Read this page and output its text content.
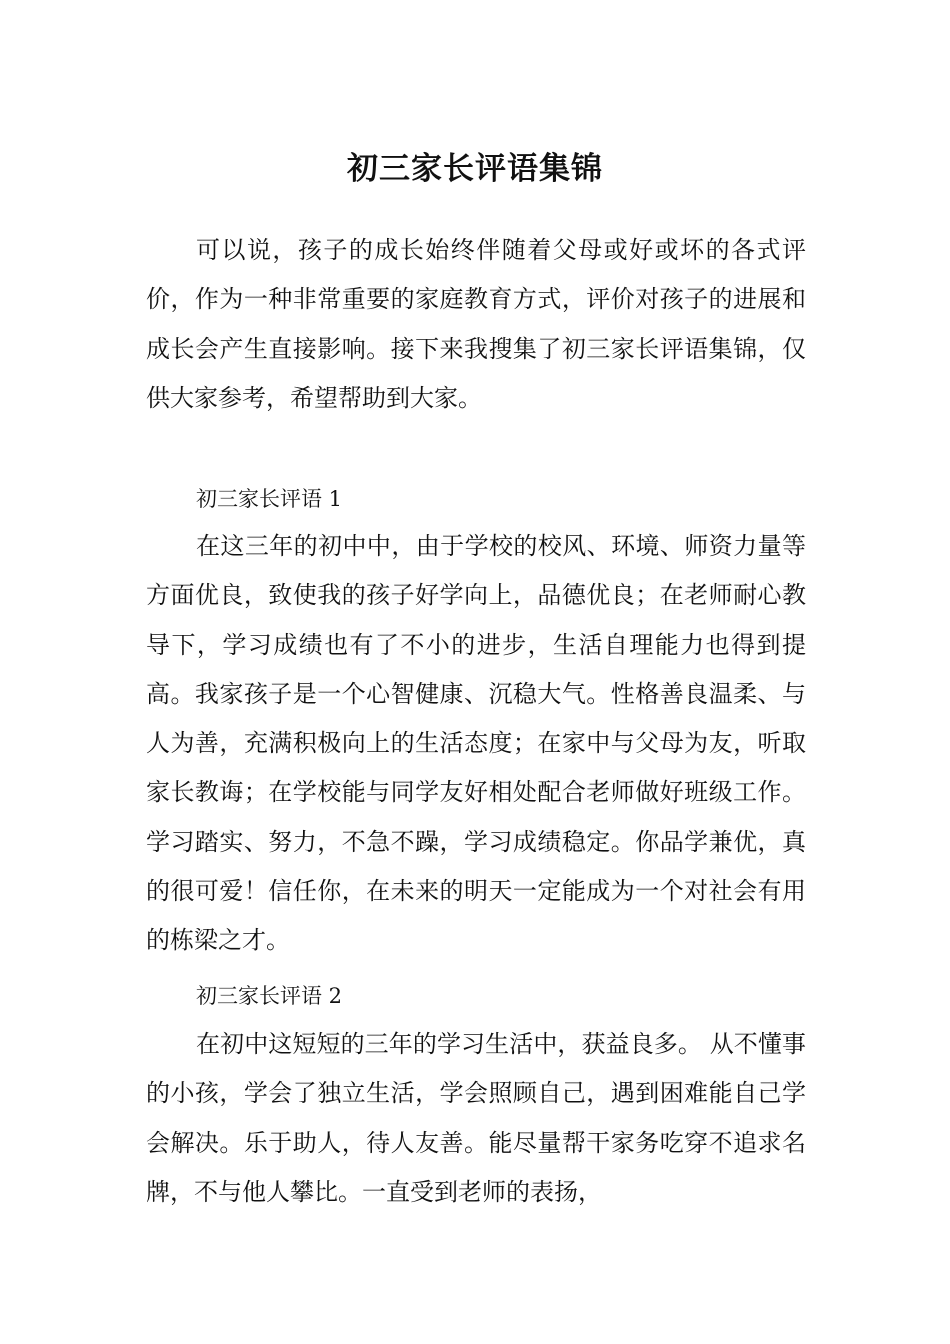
初三家长评语集锦

可以说，孩子的成长始终伴随着父母或好或坏的各式评价，作为一种非常重要的家庭教育方式，评价对孩子的进展和成长会产生直接影响。接下来我搜集了初三家长评语集锦，仅供大家参考，希望帮助到大家。

初三家长评语 1

在这三年的初中中，由于学校的校风、环境、师资力量等方面优良，致使我的孩子好学向上，品德优良；在老师耐心教导下，学习成绩也有了不小的进步，生活自理能力也得到提高。我家孩子是一个心智健康、沉稳大气。性格善良温柔、与人为善，充满积极向上的生活态度；在家中与父母为友，听取家长教诲；在学校能与同学友好相处配合老师做好班级工作。学习踏实、努力，不急不躁，学习成绩稳定。你品学兼优，真的很可爱！信任你，在未来的明天一定能成为一个对社会有用的栋梁之才。

初三家长评语 2

在初中这短短的三年的学习生活中，获益良多。 从不懂事的小孩，学会了独立生活，学会照顾自己，遇到困难能自己学会解决。乐于助人，待人友善。能尽量帮干家务吃穿不追求名牌，不与他人攀比。一直受到老师的表扬，
